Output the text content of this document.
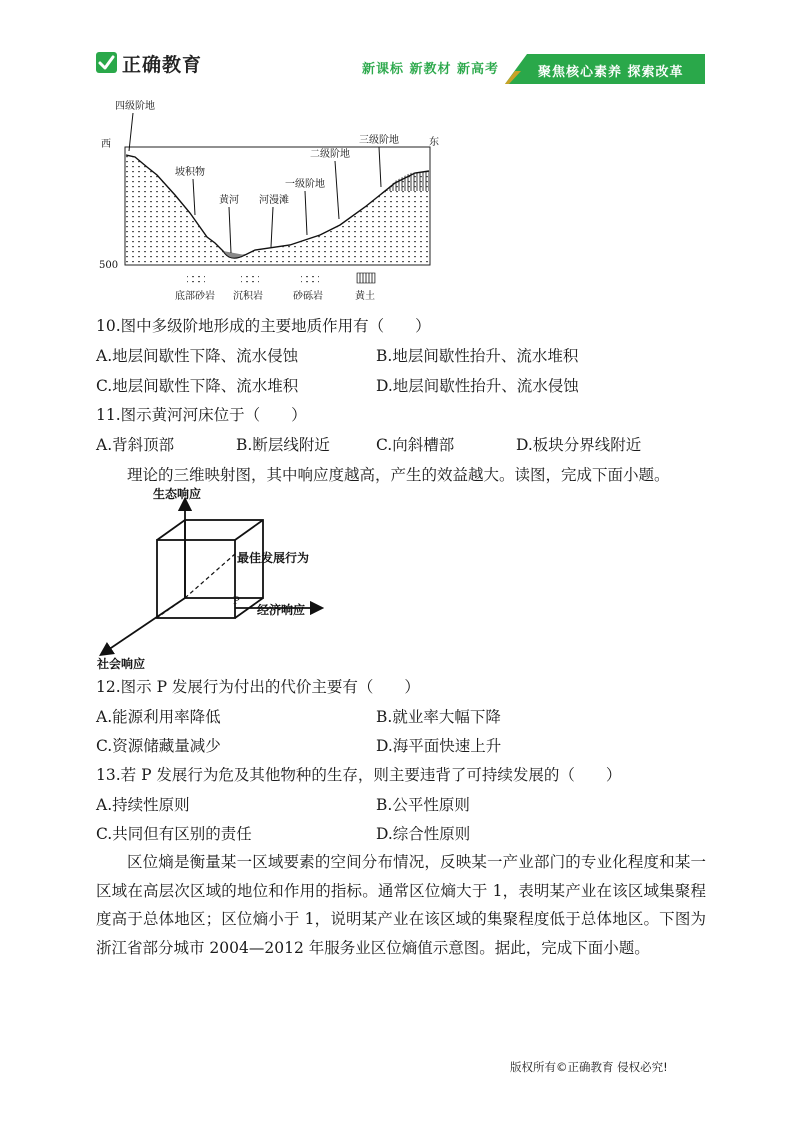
正确教育	新课标 新教材 新高考	聚焦核心素养 探索改革
西	东
四级阶地
三级阶地
二级阶地
一级阶地
坡积物
黄河 河漫滩
500
底部砂岩 沉积岩	砂砾岩	黄土
10.图中多级阶地形成的主要地质作用有（　　）
A.地层间歇性下降、流水侵蚀	B.地层间歇性抬升、流水堆积
C.地层间歇性下降、流水堆积	D.地层间歇性抬升、流水侵蚀
11.图示黄河河床位于（　　）
A.背斜顶部	B.断层线附近	C.向斜槽部	D.板块分界线附近
理论的三维映射图，其中响应度越高，产生的效益越大。读图，完成下面小题。
生态响应
最佳发展行为
经济响应
社会响应
P
12.图示 P 发展行为付出的代价主要有（　　）
A.能源利用率降低	B.就业率大幅下降
C.资源储藏量减少	D.海平面快速上升
13.若 P 发展行为危及其他物种的生存，则主要违背了可持续发展的（　　）
A.持续性原则	B.公平性原则
C.共同但有区别的责任	D.综合性原则
区位熵是衡量某一区域要素的空间分布情况，反映某一产业部门的专业化程度和某一区域在高层次区域的地位和作用的指标。通常区位熵大于 1，表明某产业在该区域集聚程度高于总体地区；区位熵小于 1，说明某产业在该区域的集聚程度低于总体地区。下图为浙江省部分城市 2004—2012 年服务业区位熵值示意图。据此，完成下面小题。
版权所有©正确教育 侵权必究!
